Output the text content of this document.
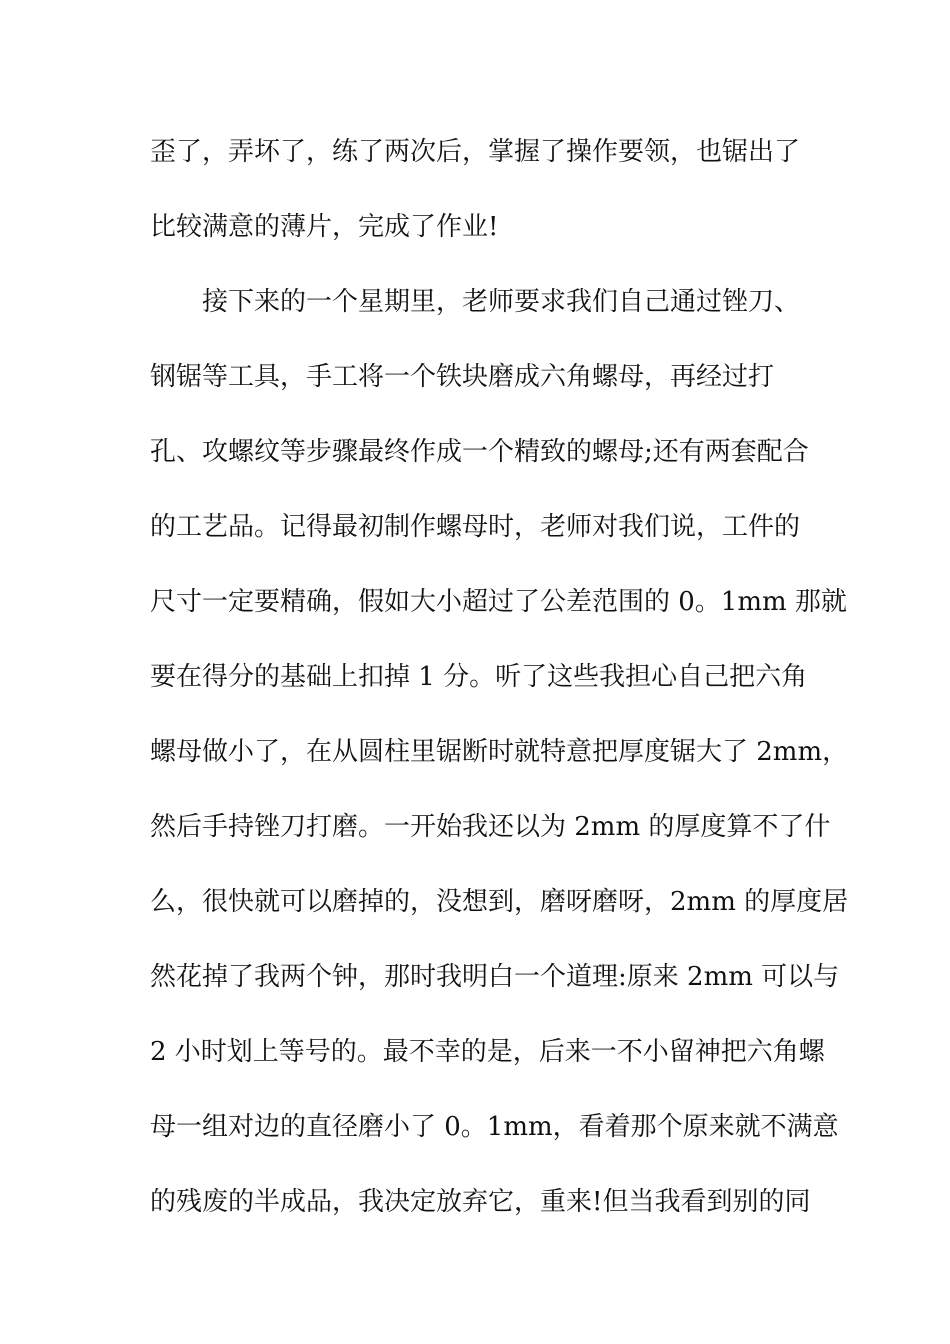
歪了，弄坏了，练了两次后，掌握了操作要领，也锯出了
比较满意的薄片，完成了作业!
接下来的一个星期里，老师要求我们自己通过锉刀、
钢锯等工具，手工将一个铁块磨成六角螺母，再经过打
孔、攻螺纹等步骤最终作成一个精致的螺母;还有两套配合
的工艺品。记得最初制作螺母时，老师对我们说，工件的
尺寸一定要精确，假如大小超过了公差范围的 0。1mm 那就
要在得分的基础上扣掉 1 分。听了这些我担心自己把六角
螺母做小了，在从圆柱里锯断时就特意把厚度锯大了 2mm，
然后手持锉刀打磨。一开始我还以为 2mm 的厚度算不了什
么，很快就可以磨掉的，没想到，磨呀磨呀，2mm 的厚度居
然花掉了我两个钟，那时我明白一个道理:原来 2mm 可以与
2 小时划上等号的。最不幸的是，后来一不小留神把六角螺
母一组对边的直径磨小了 0。1mm，看着那个原来就不满意
的残废的半成品，我决定放弃它，重来!但当我看到别的同
